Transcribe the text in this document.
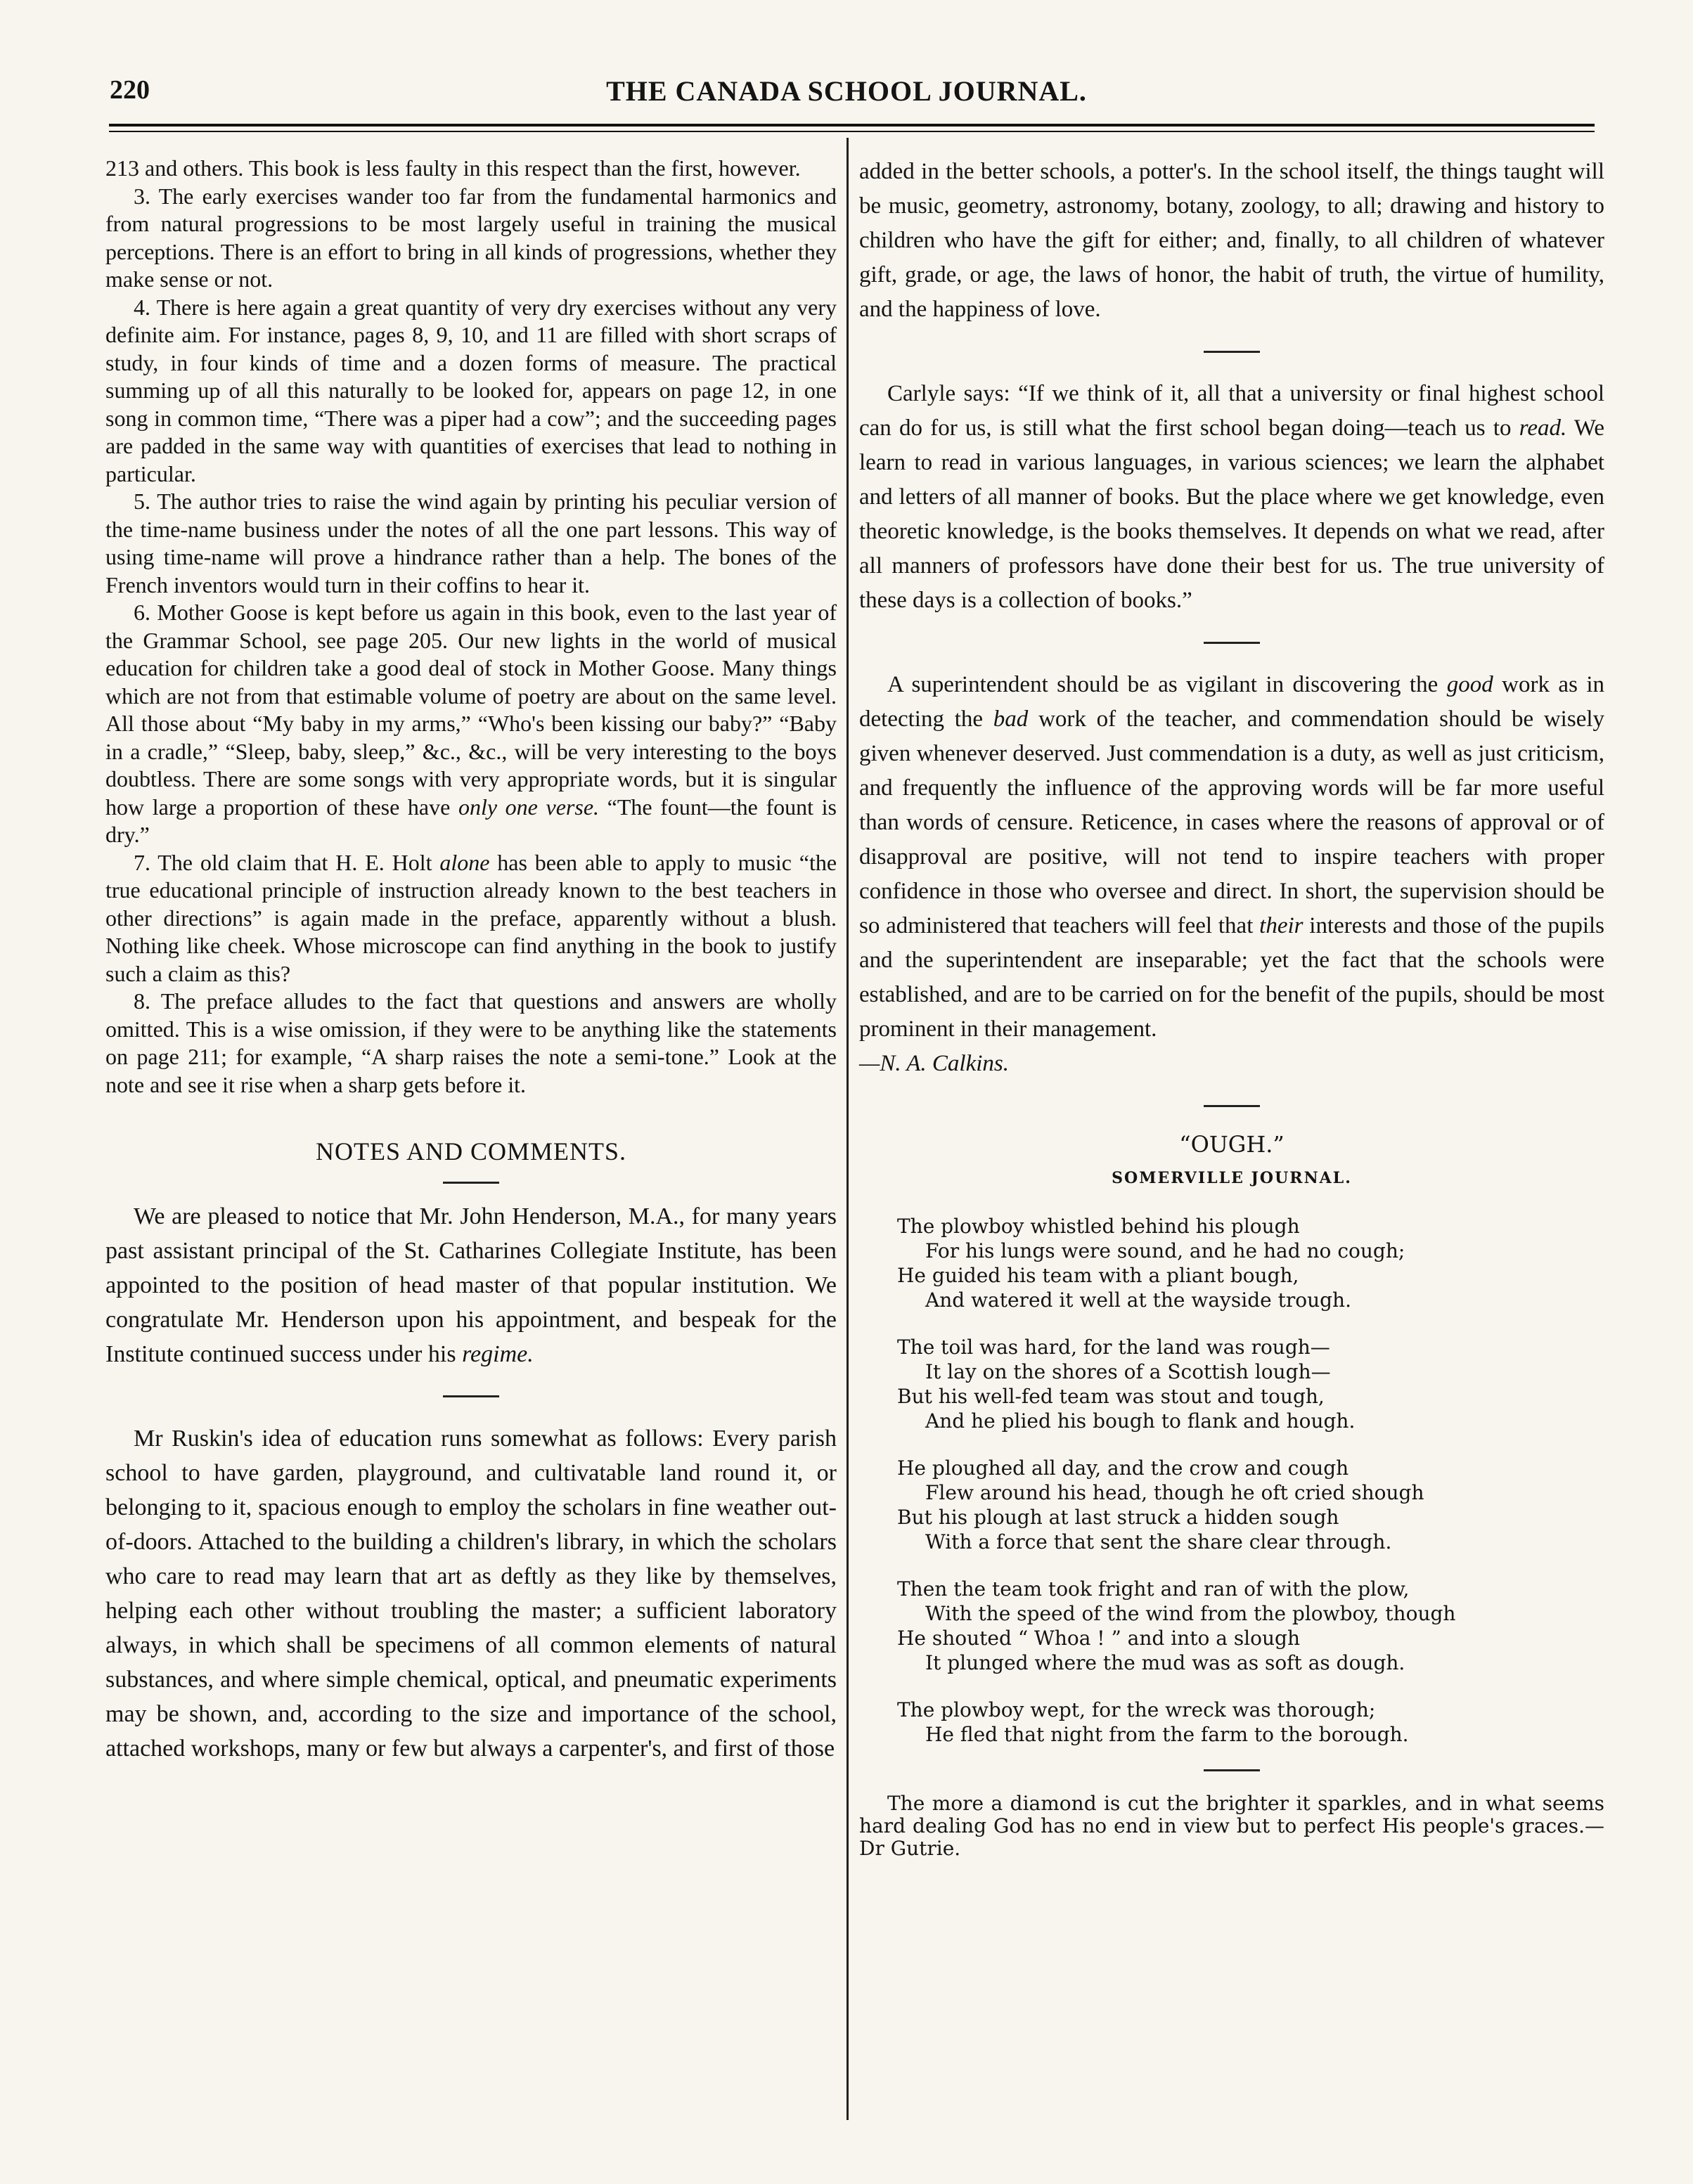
220	THE CANADA SCHOOL JOURNAL.

213 and others. This book is less faulty in this respect than the first, however.

3. The early exercises wander too far from the fundamental harmonics and from natural progressions to be most largely useful in training the musical perceptions. There is an effort to bring in all kinds of progressions, whether they make sense or not.

4. There is here again a great quantity of very dry exercises without any very definite aim. For instance, pages 8, 9, 10, and 11 are filled with short scraps of study, in four kinds of time and a dozen forms of measure. The practical summing up of all this naturally to be looked for, appears on page 12, in one song in common time, “There was a piper had a cow”; and the succeeding pages are padded in the same way with quantities of exercises that lead to nothing in particular.

5. The author tries to raise the wind again by printing his peculiar version of the time-name business under the notes of all the one part lessons. This way of using time-name will prove a hindrance rather than a help. The bones of the French inventors would turn in their coffins to hear it.

6. Mother Goose is kept before us again in this book, even to the last year of the Grammar School, see page 205. Our new lights in the world of musical education for children take a good deal of stock in Mother Goose. Many things which are not from that estimable volume of poetry are about on the same level. All those about “My baby in my arms,” “Who's been kissing our baby?” “Baby in a cradle,” “Sleep, baby, sleep,” &c., &c., will be very interesting to the boys doubtless. There are some songs with very appropriate words, but it is singular how large a proportion of these have only one verse. “The fount—the fount is dry.”

7. The old claim that H. E. Holt alone has been able to apply to music “the true educational principle of instruction already known to the best teachers in other directions” is again made in the preface, apparently without a blush. Nothing like cheek. Whose microscope can find anything in the book to justify such a claim as this?

8. The preface alludes to the fact that questions and answers are wholly omitted. This is a wise omission, if they were to be anything like the statements on page 211; for example, “A sharp raises the note a semi-tone.” Look at the note and see it rise when a sharp gets before it.

NOTES AND COMMENTS.

We are pleased to notice that Mr. John Henderson, M.A., for many years past assistant principal of the St. Catharines Collegiate Institute, has been appointed to the position of head master of that popular institution. We congratulate Mr. Henderson upon his appointment, and bespeak for the Institute continued success under his regime.

Mr Ruskin's idea of education runs somewhat as follows: Every parish school to have garden, playground, and cultivatable land round it, or belonging to it, spacious enough to employ the scholars in fine weather out-of-doors. Attached to the building a children's library, in which the scholars who care to read may learn that art as deftly as they like by themselves, helping each other without troubling the master; a sufficient laboratory always, in which shall be specimens of all common elements of natural substances, and where simple chemical, optical, and pneumatic experiments may be shown, and, according to the size and importance of the school, attached workshops, many or few but always a carpenter's, and first of those

added in the better schools, a potter's. In the school itself, the things taught will be music, geometry, astronomy, botany, zoology, to all; drawing and history to children who have the gift for either; and, finally, to all children of whatever gift, grade, or age, the laws of honor, the habit of truth, the virtue of humility, and the happiness of love.

Carlyle says: “If we think of it, all that a university or final highest school can do for us, is still what the first school began doing—teach us to read. We learn to read in various languages, in various sciences; we learn the alphabet and letters of all manner of books. But the place where we get knowledge, even theoretic knowledge, is the books themselves. It depends on what we read, after all manners of professors have done their best for us. The true university of these days is a collection of books.”

A superintendent should be as vigilant in discovering the good work as in detecting the bad work of the teacher, and commendation should be wisely given whenever deserved. Just commendation is a duty, as well as just criticism, and frequently the influence of the approving words will be far more useful than words of censure. Reticence, in cases where the reasons of approval or of disapproval are positive, will not tend to inspire teachers with proper confidence in those who oversee and direct. In short, the supervision should be so administered that teachers will feel that their interests and those of the pupils and the superintendent are inseparable; yet the fact that the schools were established, and are to be carried on for the benefit of the pupils, should be most prominent in their management.

—N. A. Calkins.

“OUGH.”
SOMERVILLE JOURNAL.
The plowboy whistled behind his plough
For his lungs were sound, and he had no cough;
He guided his team with a pliant bough,
And watered it well at the wayside trough.
The toil was hard, for the land was rough—
It lay on the shores of a Scottish lough—
But his well-fed team was stout and tough,
And he plied his bough to flank and hough.
He ploughed all day, and the crow and cough
Flew around his head, though he oft cried shough
But his plough at last struck a hidden sough
With a force that sent the share clear through.
Then the team took fright and ran of with the plow,
With the speed of the wind from the plowboy, though
He shouted “ Whoa ! ” and into a slough
It plunged where the mud was as soft as dough.
The plowboy wept, for the wreck was thorough;
He fled that night from the farm to the borough.

The more a diamond is cut the brighter it sparkles, and in what seems hard dealing God has no end in view but to perfect His people's graces.—Dr Gutrie.
